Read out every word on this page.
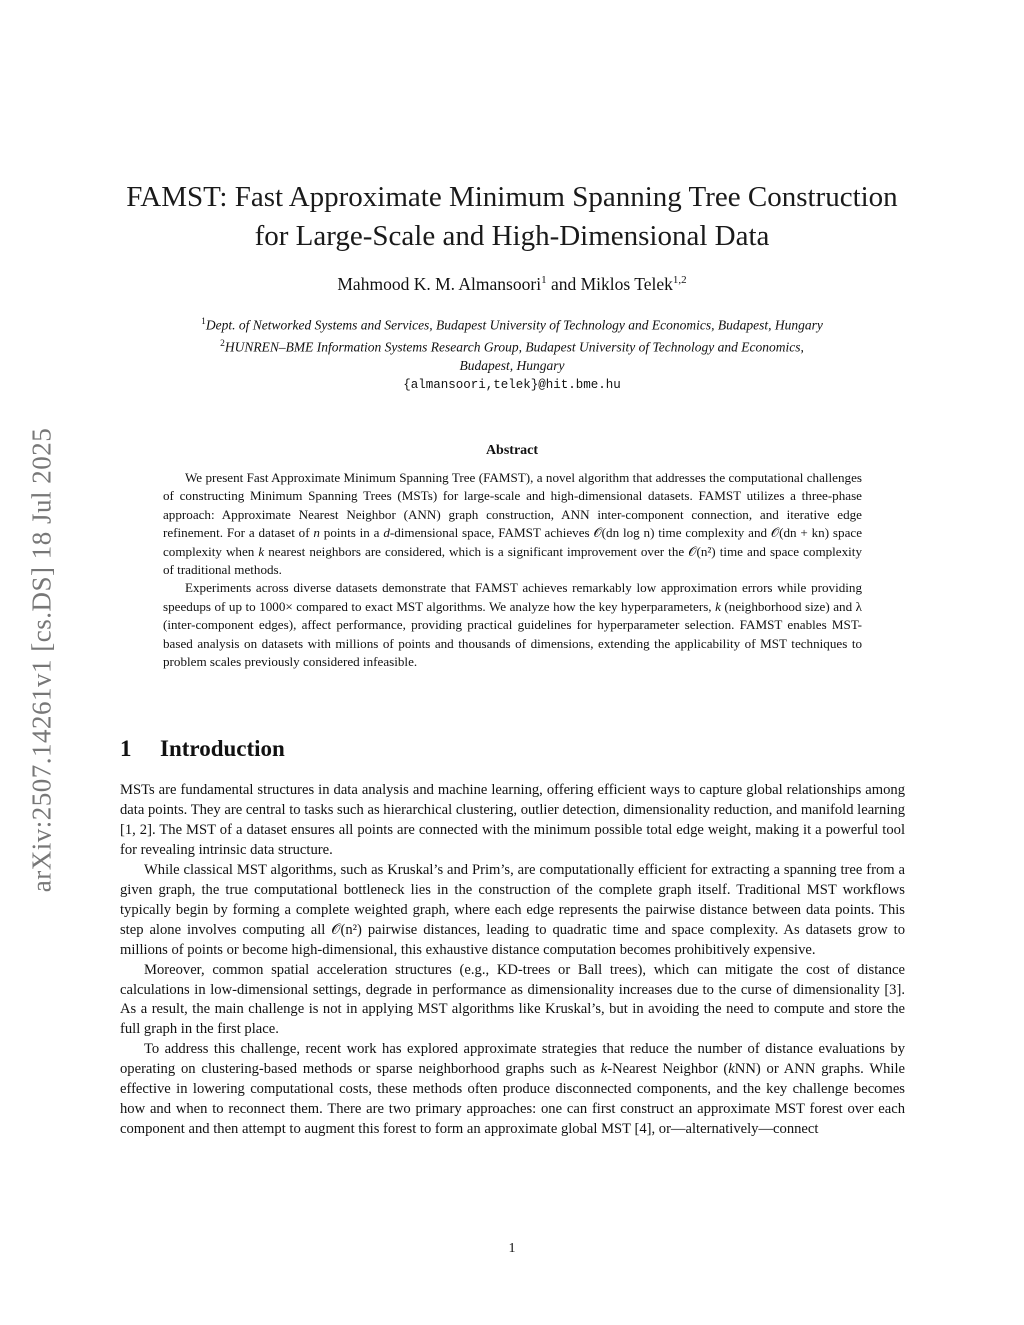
arXiv:2507.14261v1 [cs.DS] 18 Jul 2025
FAMST: Fast Approximate Minimum Spanning Tree Construction
for Large-Scale and High-Dimensional Data
Mahmood K. M. Almansoori$^1$ and Miklos Telek$^{1,2}$
$^1$Dept. of Networked Systems and Services, Budapest University of Technology and Economics, Budapest, Hungary
$^2$HUNREN–BME Information Systems Research Group, Budapest University of Technology and Economics,
Budapest, Hungary
{almansoori,telek}@hit.bme.hu
Abstract

We present Fast Approximate Minimum Spanning Tree (FAMST), a novel algorithm that addresses the computational challenges of constructing Minimum Spanning Trees (MSTs) for large-scale and high-dimensional datasets. FAMST utilizes a three-phase approach: Approximate Nearest Neighbor (ANN) graph construction, ANN inter-component connection, and iterative edge refinement. For a dataset of n points in a d-dimensional space, FAMST achieves 𝒪(dn log n) time complexity and 𝒪(dn + kn) space complexity when k nearest neighbors are considered, which is a significant improvement over the 𝒪(n²) time and space complexity of traditional methods.

Experiments across diverse datasets demonstrate that FAMST achieves remarkably low approximation errors while providing speedups of up to 1000× compared to exact MST algorithms. We analyze how the key hyperparameters, k (neighborhood size) and λ (inter-component edges), affect performance, providing practical guidelines for hyperparameter selection. FAMST enables MST-based analysis on datasets with millions of points and thousands of dimensions, extending the applicability of MST techniques to problem scales previously considered infeasible.

1 Introduction

MSTs are fundamental structures in data analysis and machine learning, offering efficient ways to capture global relationships among data points. They are central to tasks such as hierarchical clustering, outlier detection, dimensionality reduction, and manifold learning [1, 2]. The MST of a dataset ensures all points are connected with the minimum possible total edge weight, making it a powerful tool for revealing intrinsic data structure.

While classical MST algorithms, such as Kruskal’s and Prim’s, are computationally efficient for extracting a spanning tree from a given graph, the true computational bottleneck lies in the construction of the complete graph itself. Traditional MST workflows typically begin by forming a complete weighted graph, where each edge represents the pairwise distance between data points. This step alone involves computing all 𝒪(n²) pairwise distances, leading to quadratic time and space complexity. As datasets grow to millions of points or become high-dimensional, this exhaustive distance computation becomes prohibitively expensive.

Moreover, common spatial acceleration structures (e.g., KD-trees or Ball trees), which can mitigate the cost of distance calculations in low-dimensional settings, degrade in performance as dimensionality increases due to the curse of dimensionality [3]. As a result, the main challenge is not in applying MST algorithms like Kruskal’s, but in avoiding the need to compute and store the full graph in the first place.

To address this challenge, recent work has explored approximate strategies that reduce the number of distance evaluations by operating on clustering-based methods or sparse neighborhood graphs such as k-Nearest Neighbor (kNN) or ANN graphs. While effective in lowering computational costs, these methods often produce disconnected components, and the key challenge becomes how and when to reconnect them. There are two primary approaches: one can first construct an approximate MST forest over each component and then attempt to augment this forest to form an approximate global MST [4], or—alternatively—connect

1
